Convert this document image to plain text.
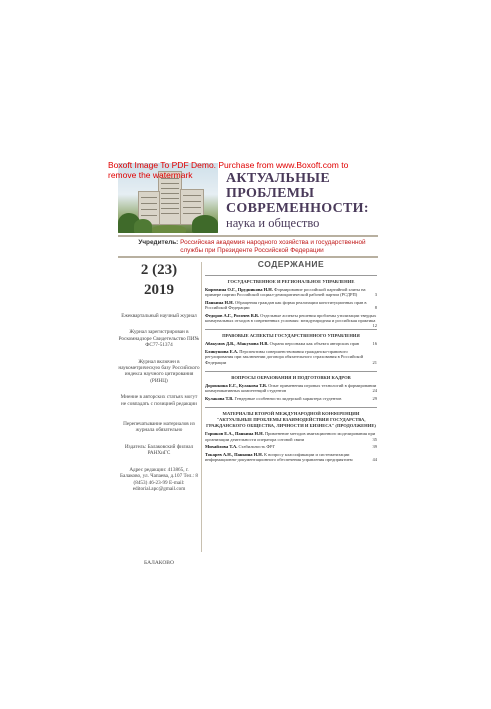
Boxoft Image To PDF Demo. Purchase from www.Boxoft.com to remove the watermark	АКТУАЛЬНЫЕ
ПРОБЛЕМЫ
СОВРЕМЕННОСТИ:
наука и общество
Учредитель: Российская академия народного хозяйства и государственной службы при Президенте Российской Федерации
2 (23)
2019
Ежеквартальный научный журнал
Журнал зарегистрирован в Роскомнадзоре Свидетельство ПИ№ ФС77-51374
Журнал включен в наукометрическую базу Российского индекса научного цитирования (РИНЦ)
Мнение в авторских статьях могут не совпадать с позицией редакции
Перепечатывание материалов из журнала обязательно
Издатель: Балаковский филиал РАНХиГС
Адрес редакции: 413865, г. Балаково, ул. Чапаева, д.107 Тел.: 8 (8453) 46-23-99 E-mail: editorial.apc@gmail.com
БАЛАКОВО
СОДЕРЖАНИЕ
ГОСУДАРСТВЕННОЕ И РЕГИОНАЛЬНОЕ УПРАВЛЕНИЕ
Кирюхина О.Г., Прудникова Н.Н. Формирование российской партийной элиты на примере партии Российской социал-демократической рабочей партии (РСДРП)	3
Панкина Н.Н. Обращения граждан как форма реализации конституционных прав в Российской Федерации	8
Федоров А.Г., Рогачев В.В. Отдельные аспекты решения проблемы утилизации твердых коммунальных отходов в современных условиях: международная и российская практика
12
ПРАВОВЫЕ АСПЕКТЫ ГОСУДАРСТВЕННОГО УПРАВЛЕНИЯ
Абакумов Д.В., Абакумова Н.В. Охрана персонажа как объекта авторских прав	16
Блинушова Е.А. Перспективы совершенствования гражданско-правового регулирования при заключении договора обязательного страхования в Российской Федерации	21
ВОПРОСЫ ОБРАЗОВАНИЯ И ПОДГОТОВКИ КАДРОВ
Доронкина Е.Г., Кулакова Т.В. Опыт применения игровых технологий в формировании коммуникативных компетенций студентов	24
Кулакова Т.В. Гендерные особенности лидерской характера студентов	29
МАТЕРИАЛЫ ВТОРОЙ МЕЖДУНАРОДНОЙ КОНФЕРЕНЦИИ "АКТУАЛЬНЫЕ ПРОБЛЕМЫ ВЗАИМОДЕЙСТВИЯ ГОСУДАРСТВА, ГРАЖДАНСКОГО ОБЩЕСТВА, ЛИЧНОСТИ И БИЗНЕСА" (ПРОДОЛЖЕНИЕ)
Горшков Е.А., Панкина Н.Н. Применение методов имитационного моделирования при организации деятельности оператора сотовой связи	35
Михайлова Т.А. Стабильность ФРГ	39
Токарев А.Н., Панкина Н.Н. К вопросу классификации и систематизации информационно-документационного обеспечения управления предприятием	44
